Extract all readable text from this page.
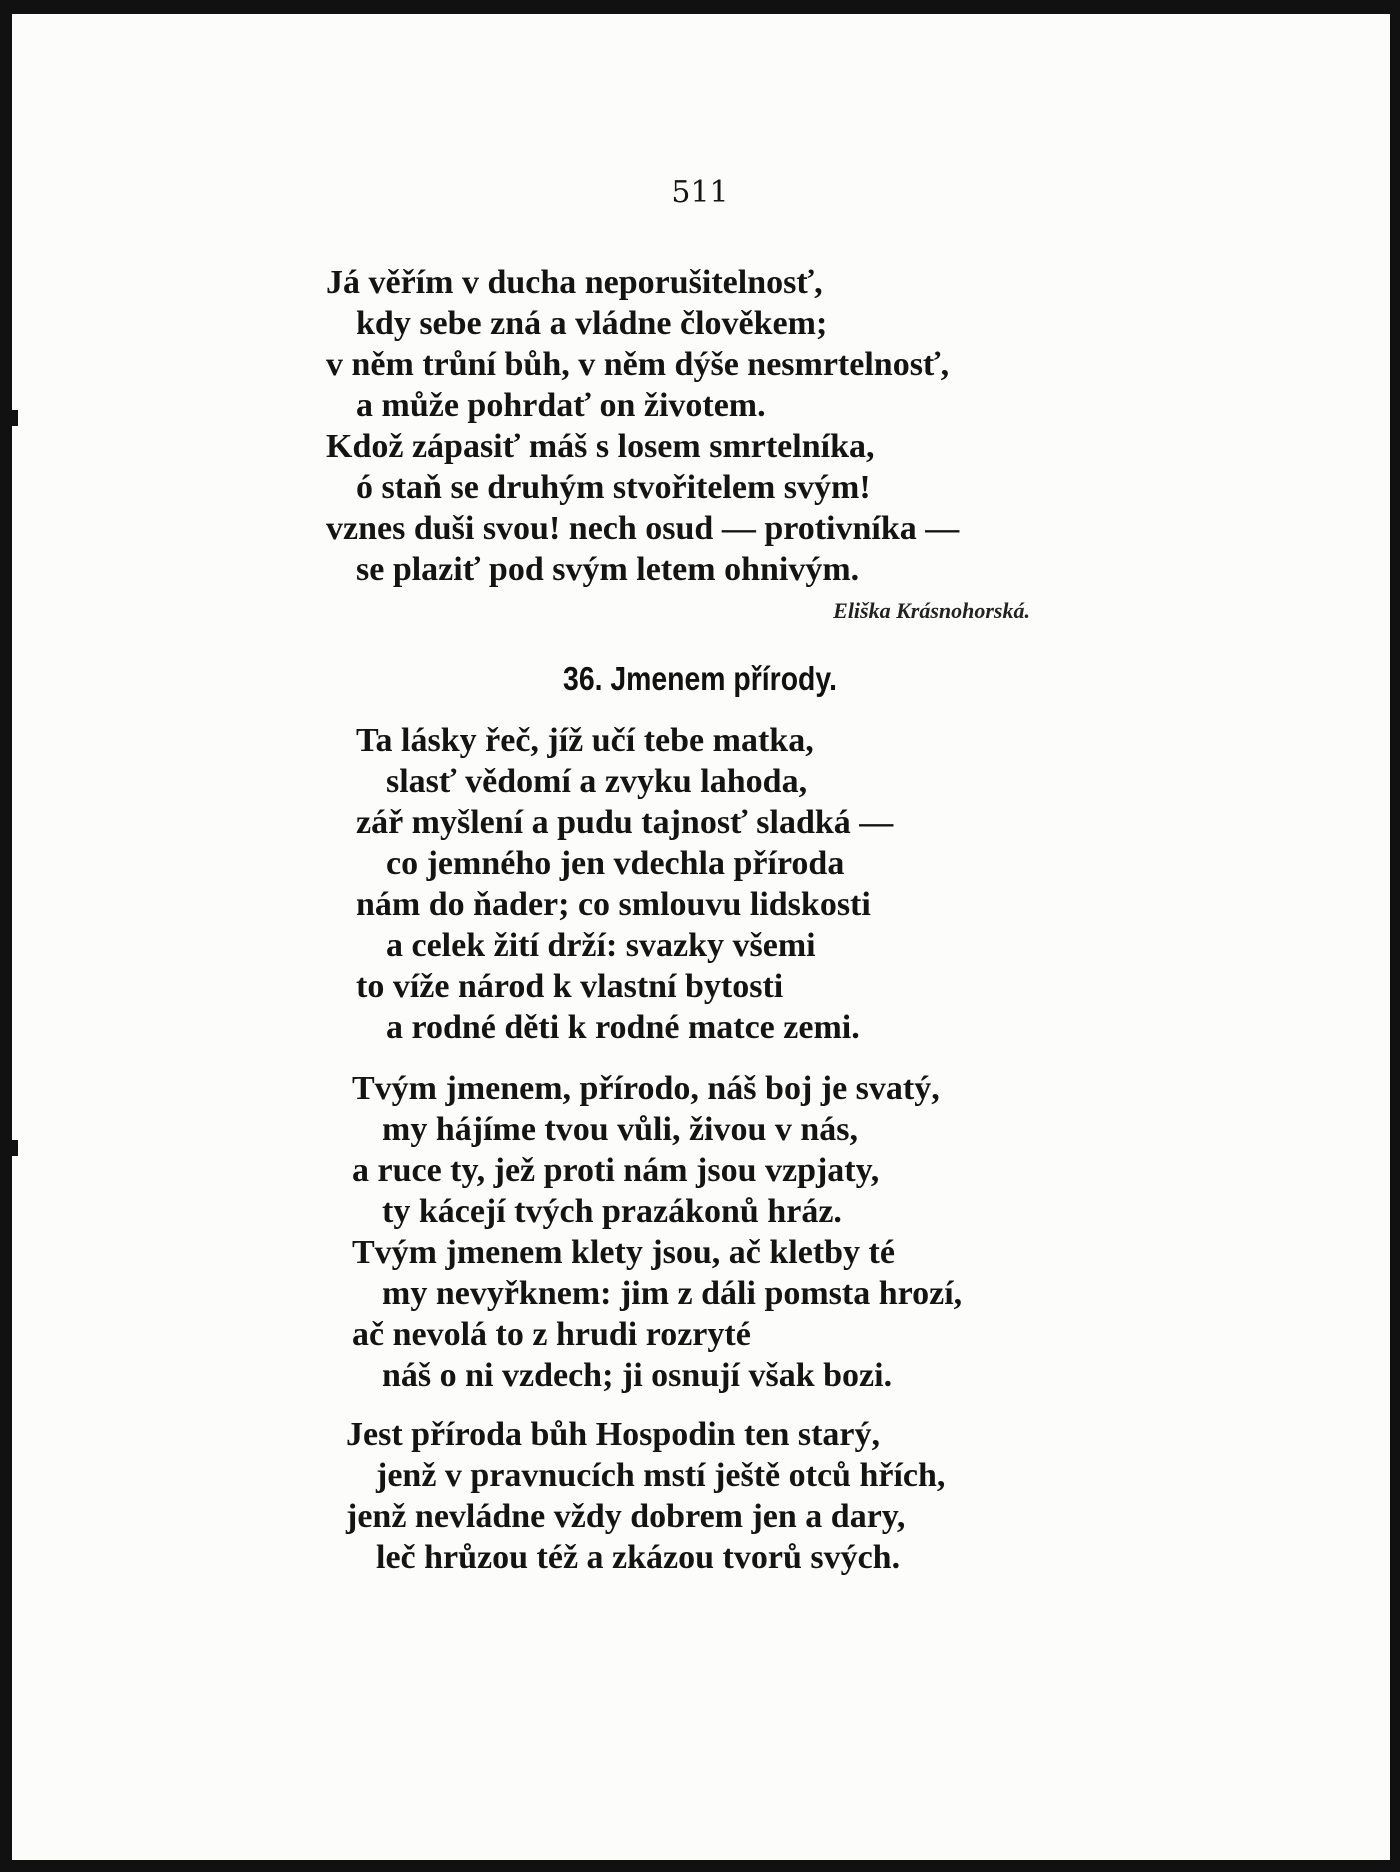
511
Já věřím v ducha neporušitelnosť,
kdy sebe zná a vládne člověkem;
v něm trůní bůh, v něm dýše nesmrtelnosť,
a může pohrdať on životem.
Kdož zápasiť máš s losem smrtelníka,
ó staň se druhým stvořitelem svým!
vznes duši svou! nech osud — protivníka —
se plaziť pod svým letem ohnivým.
Eliška Krásnohorská.
36. Jmenem přírody.
Ta lásky řeč, jíž učí tebe matka,
slasť vědomí a zvyku lahoda,
zář myšlení a pudu tajnosť sladká —
co jemného jen vdechla příroda
nám do ňader; co smlouvu lidskosti
a celek žití drží: svazky všemi
to víže národ k vlastní bytosti
a rodné děti k rodné matce zemi.
Tvým jmenem, přírodo, náš boj je svatý,
my hájíme tvou vůli, živou v nás,
a ruce ty, jež proti nám jsou vzpjaty,
ty kácejí tvých prazákonů hráz.
Tvým jmenem klety jsou, ač kletby té
my nevyřknem: jim z dáli pomsta hrozí,
ač nevolá to z hrudi rozryté
náš o ni vzdech; ji osnují však bozi.
Jest příroda bůh Hospodin ten starý,
jenž v pravnucích mstí ještě otců hřích,
jenž nevládne vždy dobrem jen a dary,
leč hrůzou též a zkázou tvorů svých.
